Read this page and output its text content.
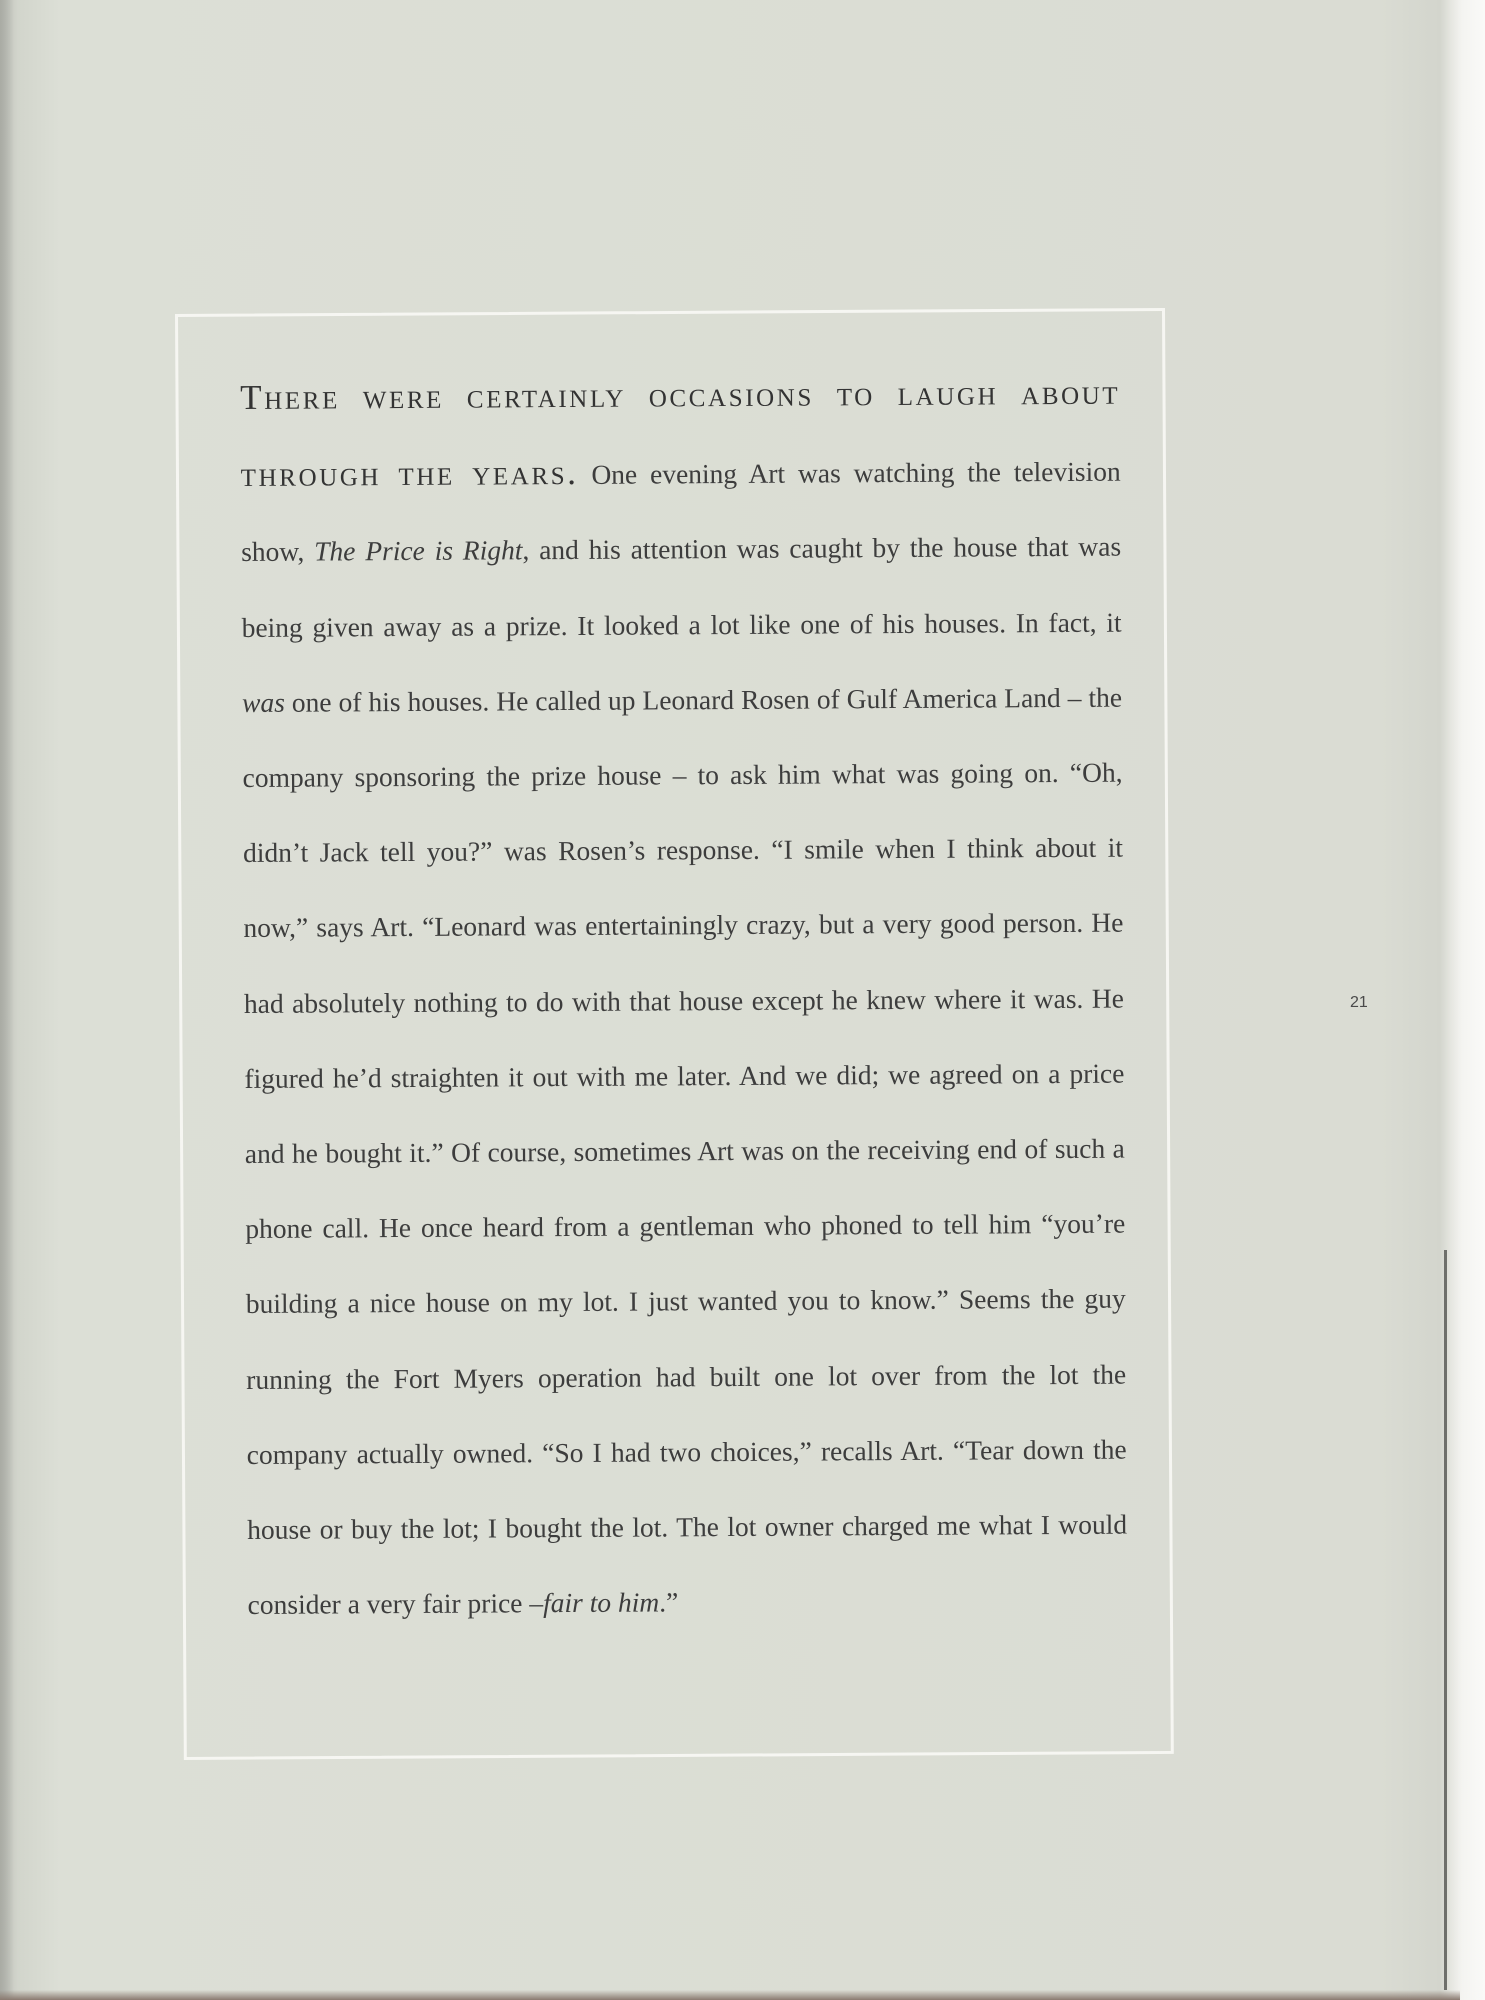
There were certainly occasions to laugh about through the years. One evening Art was watching the television show, The Price is Right, and his attention was caught by the house that was being given away as a prize. It looked a lot like one of his houses. In fact, it was one of his houses. He called up Leonard Rosen of Gulf America Land – the company sponsoring the prize house – to ask him what was going on. “Oh, didn’t Jack tell you?” was Rosen’s response. “I smile when I think about it now,” says Art. “Leonard was entertainingly crazy, but a very good person. He had absolutely nothing to do with that house except he knew where it was. He figured he’d straighten it out with me later. And we did; we agreed on a price and he bought it.” Of course, sometimes Art was on the receiving end of such a phone call. He once heard from a gentleman who phoned to tell him “you’re building a nice house on my lot. I just wanted you to know.” Seems the guy running the Fort Myers operation had built one lot over from the lot the company actually owned. “So I had two choices,” recalls Art. “Tear down the house or buy the lot; I bought the lot. The lot owner charged me what I would consider a very fair price –fair to him.”

21
